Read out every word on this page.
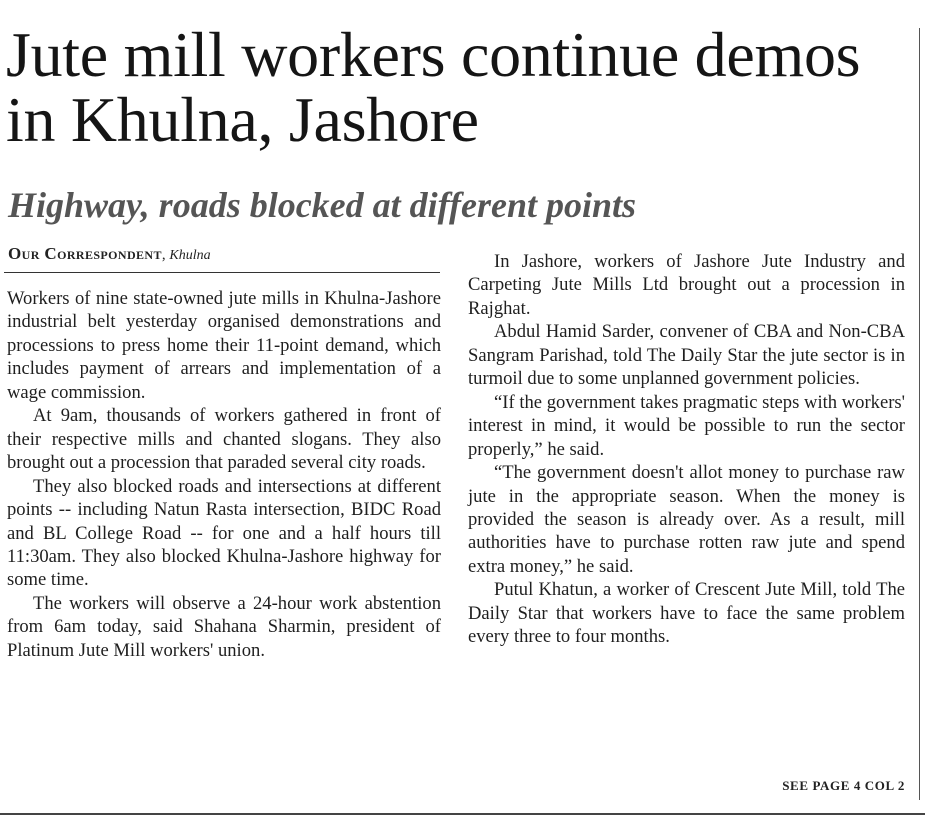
Jute mill workers continue demos in Khulna, Jashore
Highway, roads blocked at different points
Our Correspondent, Khulna

Workers of nine state-owned jute mills in Khulna-Jashore industrial belt yesterday organised demonstrations and processions to press home their 11-point demand, which includes payment of arrears and implementation of a wage commission.

At 9am, thousands of workers gathered in front of their respective mills and chanted slogans. They also brought out a procession that paraded several city roads.

They also blocked roads and intersections at different points -- including Natun Rasta intersection, BIDC Road and BL College Road -- for one and a half hours till 11:30am. They also blocked Khulna-Jashore highway for some time.

The workers will observe a 24-hour work abstention from 6am today, said Shahana Sharmin, president of Platinum Jute Mill workers' union.

In Jashore, workers of Jashore Jute Industry and Carpeting Jute Mills Ltd brought out a procession in Rajghat.

Abdul Hamid Sarder, convener of CBA and Non-CBA Sangram Parishad, told The Daily Star the jute sector is in turmoil due to some unplanned government policies.

“If the government takes pragmatic steps with workers' interest in mind, it would be possible to run the sector properly,” he said.

“The government doesn't allot money to purchase raw jute in the appropriate season. When the money is provided the season is already over. As a result, mill authorities have to purchase rotten raw jute and spend extra money,” he said.

Putul Khatun, a worker of Crescent Jute Mill, told The Daily Star that workers have to face the same problem every three to four months.

SEE PAGE 4 COL 2
